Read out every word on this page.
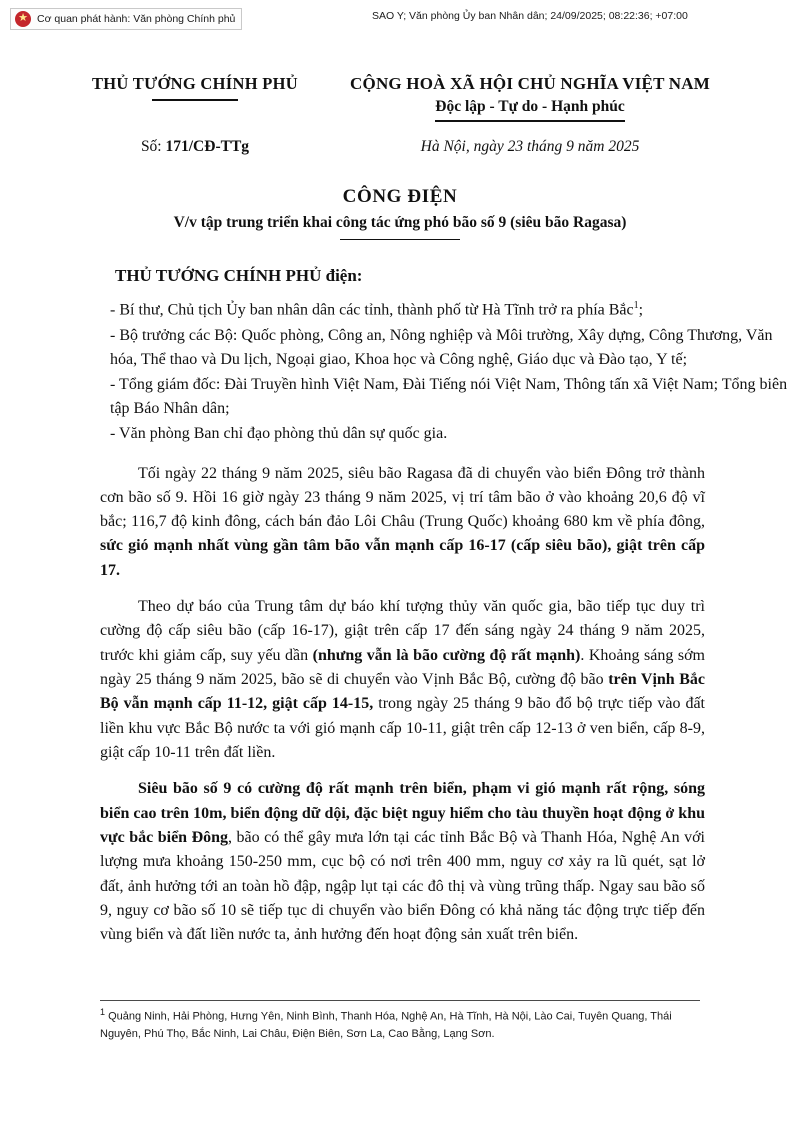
★
Cơ quan phát hành: Văn phòng Chính phủ	SAO Y; Văn phòng Ủy ban Nhân dân; 24/09/2025; 08:22:36; +07:00
THỦ TƯỚNG CHÍNH PHỦ	CỘNG HOÀ XÃ HỘI CHỦ NGHĨA VIỆT NAM
Độc lập - Tự do - Hạnh phúc
Số: 171/CĐ-TTg	Hà Nội, ngày 23 tháng 9 năm 2025
CÔNG ĐIỆN
V/v tập trung triển khai công tác ứng phó bão số 9 (siêu bão Ragasa)
THỦ TƯỚNG CHÍNH PHỦ điện:

- Bí thư, Chủ tịch Ủy ban nhân dân các tỉnh, thành phố từ Hà Tĩnh trở ra phía Bắc$^1$;

- Bộ trưởng các Bộ: Quốc phòng, Công an, Nông nghiệp và Môi trường, Xây dựng, Công Thương, Văn hóa, Thể thao và Du lịch, Ngoại giao, Khoa học và Công nghệ, Giáo dục và Đào tạo, Y tế;

- Tổng giám đốc: Đài Truyền hình Việt Nam, Đài Tiếng nói Việt Nam, Thông tấn xã Việt Nam; Tổng biên tập Báo Nhân dân;

- Văn phòng Ban chỉ đạo phòng thủ dân sự quốc gia.

Tối ngày 22 tháng 9 năm 2025, siêu bão Ragasa đã di chuyển vào biển Đông trở thành cơn bão số 9. Hồi 16 giờ ngày 23 tháng 9 năm 2025, vị trí tâm bão ở vào khoảng 20,6 độ vĩ bắc; 116,7 độ kinh đông, cách bán đảo Lôi Châu (Trung Quốc) khoảng 680 km về phía đông, sức gió mạnh nhất vùng gần tâm bão vẫn mạnh cấp 16-17 (cấp siêu bão), giật trên cấp 17.
Theo dự báo của Trung tâm dự báo khí tượng thủy văn quốc gia, bão tiếp tục duy trì cường độ cấp siêu bão (cấp 16-17), giật trên cấp 17 đến sáng ngày 24 tháng 9 năm 2025, trước khi giảm cấp, suy yếu dần (nhưng vẫn là bão cường độ rất mạnh). Khoảng sáng sớm ngày 25 tháng 9 năm 2025, bão sẽ di chuyển vào Vịnh Bắc Bộ, cường độ bão trên Vịnh Bắc Bộ vẫn mạnh cấp 11-12, giật cấp 14-15, trong ngày 25 tháng 9 bão đổ bộ trực tiếp vào đất liền khu vực Bắc Bộ nước ta với gió mạnh cấp 10-11, giật trên cấp 12-13 ở ven biển, cấp 8-9, giật cấp 10-11 trên đất liền.
Siêu bão số 9 có cường độ rất mạnh trên biển, phạm vi gió mạnh rất rộng, sóng biển cao trên 10m, biển động dữ dội, đặc biệt nguy hiểm cho tàu thuyền hoạt động ở khu vực bắc biển Đông, bão có thể gây mưa lớn tại các tỉnh Bắc Bộ và Thanh Hóa, Nghệ An với lượng mưa khoảng 150-250 mm, cục bộ có nơi trên 400 mm, nguy cơ xảy ra lũ quét, sạt lở đất, ảnh hưởng tới an toàn hồ đập, ngập lụt tại các đô thị và vùng trũng thấp. Ngay sau bão số 9, nguy cơ bão số 10 sẽ tiếp tục di chuyển vào biển Đông có khả năng tác động trực tiếp đến vùng biển và đất liền nước ta, ảnh hưởng đến hoạt động sản xuất trên biển.
$^1$ Quảng Ninh, Hải Phòng, Hưng Yên, Ninh Bình, Thanh Hóa, Nghệ An, Hà Tĩnh, Hà Nội, Lào Cai, Tuyên Quang, Thái Nguyên, Phú Thọ, Bắc Ninh, Lai Châu, Điện Biên, Sơn La, Cao Bằng, Lạng Sơn.
